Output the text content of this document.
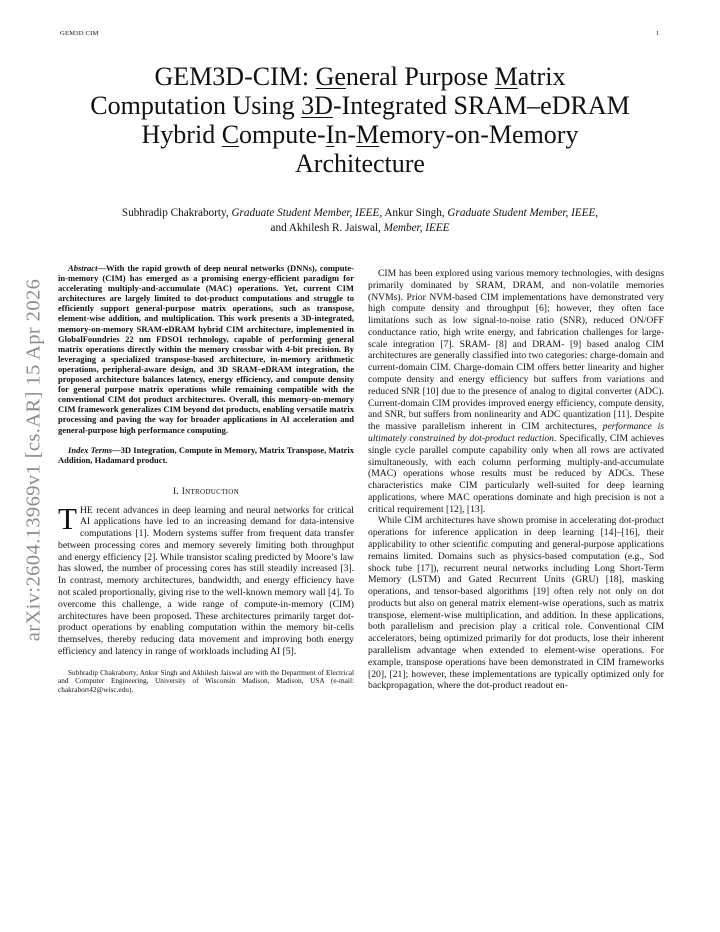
GEM3D CIM	1
GEM3D-CIM: General Purpose Matrix
Computation Using 3D-Integrated SRAM–eDRAM
Hybrid Compute-In-Memory-on-Memory
Architecture
Subhradip Chakraborty, Graduate Student Member, IEEE, Ankur Singh, Graduate Student Member, IEEE,
and Akhilesh R. Jaiswal, Member, IEEE
arXiv:2604.13969v1 [cs.AR] 15 Apr 2026

Abstract—With the rapid growth of deep neural networks (DNNs), compute-in-memory (CIM) has emerged as a promising energy-efficient paradigm for accelerating multiply-and-accumulate (MAC) operations. Yet, current CIM architectures are largely limited to dot-product computations and struggle to efficiently support general-purpose matrix operations, such as transpose, element-wise addition, and multiplication. This work presents a 3D-integrated, memory-on-memory SRAM-eDRAM hybrid CIM architecture, implemented in GlobalFoundries 22 nm FDSOI technology, capable of performing general matrix operations directly within the memory crossbar with 4-bit precision. By leveraging a specialized transpose-based architecture, in-memory arithmetic operations, peripheral-aware design, and 3D SRAM–eDRAM integration, the proposed architecture balances latency, energy efficiency, and compute density for general purpose matrix operations while remaining compatible with the conventional CIM dot product architectures. Overall, this memory-on-memory CIM framework generalizes CIM beyond dot products, enabling versatile matrix processing and paving the way for broader applications in AI acceleration and general-purpose high performance computing.

Index Terms—3D Integration, Compute in Memory, Matrix Transpose, Matrix Addition, Hadamard product.

I. Introduction

THE recent advances in deep learning and neural networks for critical AI applications have led to an increasing demand for data-intensive computations [1]. Modern systems suffer from frequent data transfer between processing cores and memory severely limiting both throughput and energy efficiency [2]. While transistor scaling predicted by Moore’s law has slowed, the number of processing cores has still steadily increased [3]. In contrast, memory architectures, bandwidth, and energy efficiency have not scaled proportionally, giving rise to the well-known memory wall [4]. To overcome this challenge, a wide range of compute-in-memory (CIM) architectures have been proposed. These architectures primarily target dot-product operations by enabling computation within the memory bit-cells themselves, thereby reducing data movement and improving both energy efficiency and latency in range of workloads including AI [5].

Subhradip Chakraborty, Ankur Singh and Akhilesh Jaiswal are with the Department of Electrical and Computer Engineering, University of Wisconsin Madison, Madison, USA (e-mail: chakrabort42@wisc.edu).

CIM has been explored using various memory technologies, with designs primarily dominated by SRAM, DRAM, and non-volatile memories (NVMs). Prior NVM-based CIM implementations have demonstrated very high compute density and throughput [6]; however, they often face limitations such as low signal-to-noise ratio (SNR), reduced ON/OFF conductance ratio, high write energy, and fabrication challenges for large-scale integration [7]. SRAM- [8] and DRAM- [9] based analog CIM architectures are generally classified into two categories: charge-domain and current-domain CIM. Charge-domain CIM offers better linearity and higher compute density and energy efficiency but suffers from variations and reduced SNR [10] due to the presence of analog to digital converter (ADC). Current-domain CIM provides improved energy efficiency, compute density, and SNR, but suffers from nonlinearity and ADC quantization [11]. Despite the massive parallelism inherent in CIM architectures, performance is ultimately constrained by dot-product reduction. Specifically, CIM achieves single cycle parallel compute capability only when all rows are activated simultaneously, with each column performing multiply-and-accumulate (MAC) operations whose results must be reduced by ADCs. These characteristics make CIM particularly well-suited for deep learning applications, where MAC operations dominate and high precision is not a critical requirement [12], [13].

While CIM architectures have shown promise in accelerating dot-product operations for inference application in deep learning [14]–[16], their applicability to other scientific computing and general-purpose applications remains limited. Domains such as physics-based computation (e.g., Sod shock tube [17]), recurrent neural networks including Long Short-Term Memory (LSTM) and Gated Recurrent Units (GRU) [18], masking operations, and tensor-based algorithms [19] often rely not only on dot products but also on general matrix element-wise operations, such as matrix transpose, element-wise multiplication, and addition. In these applications, both parallelism and precision play a critical role. Conventional CIM accelerators, being optimized primarily for dot products, lose their inherent parallelism advantage when extended to element-wise operations. For example, transpose operations have been demonstrated in CIM frameworks [20], [21]; however, these implementations are typically optimized only for backpropagation, where the dot-product readout en-
